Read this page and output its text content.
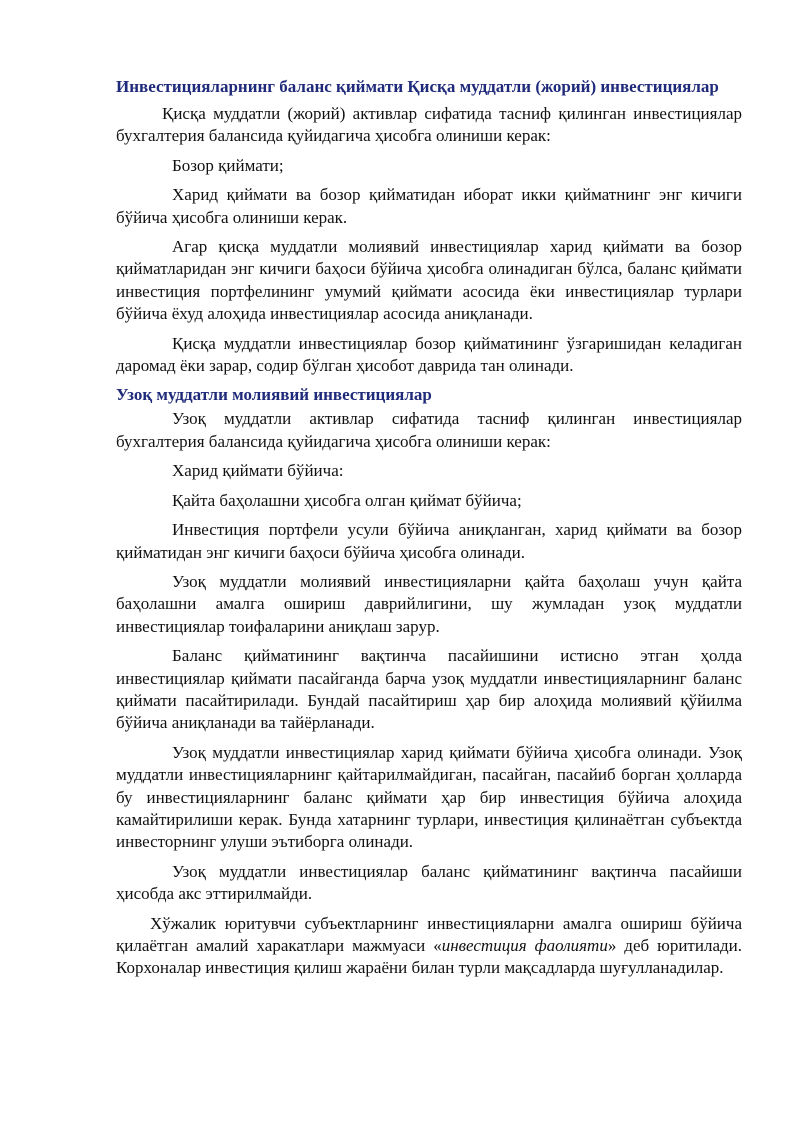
Инвестицияларнинг баланс қиймати Қисқа муддатли (жорий) инвестициялар

Қисқа муддатли (жорий) активлар сифатида тасниф қилинган инвестициялар бухгалтерия балансида қуйидагича ҳисобга олиниши керак:

Бозор қиймати;

Харид қиймати ва бозор қийматидан иборат икки қийматнинг энг кичиги бўйича ҳисобга олиниши керак.

Агар қисқа муддатли молиявий инвестициялар харид қиймати ва бозор қийматларидан энг кичиги баҳоси бўйича ҳисобга олинадиган бўлса, баланс қиймати инвестиция портфелининг умумий қиймати асосида ёки инвестициялар турлари бўйича ёхуд алоҳида инвестициялар асосида аниқланади.

Қисқа муддатли инвестициялар бозор қийматининг ўзгаришидан келадиган даромад ёки зарар, содир бўлган ҳисобот даврида тан олинади.

Узоқ муддатли молиявий инвестициялар

Узоқ муддатли активлар сифатида тасниф қилинган инвестициялар бухгалтерия балансида қуйидагича ҳисобга олиниши керак:

Харид қиймати бўйича:

Қайта баҳолашни ҳисобга олган қиймат бўйича;

Инвестиция портфели усули бўйича аниқланган, харид қиймати ва бозор қийматидан энг кичиги баҳоси бўйича ҳисобга олинади.

Узоқ муддатли молиявий инвестицияларни қайта баҳолаш учун қайта баҳолашни амалга ошириш даврийлигини, шу жумладан узоқ муддатли инвестициялар тоифаларини аниқлаш зарур.

Баланс қийматининг вақтинча пасайишини истисно этган ҳолда инвестициялар қиймати пасайганда барча узоқ муддатли инвестицияларнинг баланс қиймати пасайтирилади. Бундай пасайтириш ҳар бир алоҳида молиявий қўйилма бўйича аниқланади ва тайёрланади.

Узоқ муддатли инвестициялар харид қиймати бўйича ҳисобга олинади. Узоқ муддатли инвестицияларнинг қайтарилмайдиган, пасайган, пасайиб борган ҳолларда бу инвестицияларнинг баланс қиймати ҳар бир инвестиция бўйича алоҳида камайтирилиши керак. Бунда хатарнинг турлари, инвестиция қилинаётган субъектда инвесторнинг улуши эътиборга олинади.

Узоқ муддатли инвестициялар баланс қийматининг вақтинча пасайиши ҳисобда акс эттирилмайди.

Хўжалик юритувчи субъектларнинг инвестицияларни амалга ошириш бўйича қилаётган амалий харакатлари мажмуаси «инвестиция фаолияти» деб юритилади. Корхоналар инвестиция қилиш жараёни билан турли мақсадларда шуғулланадилар.
